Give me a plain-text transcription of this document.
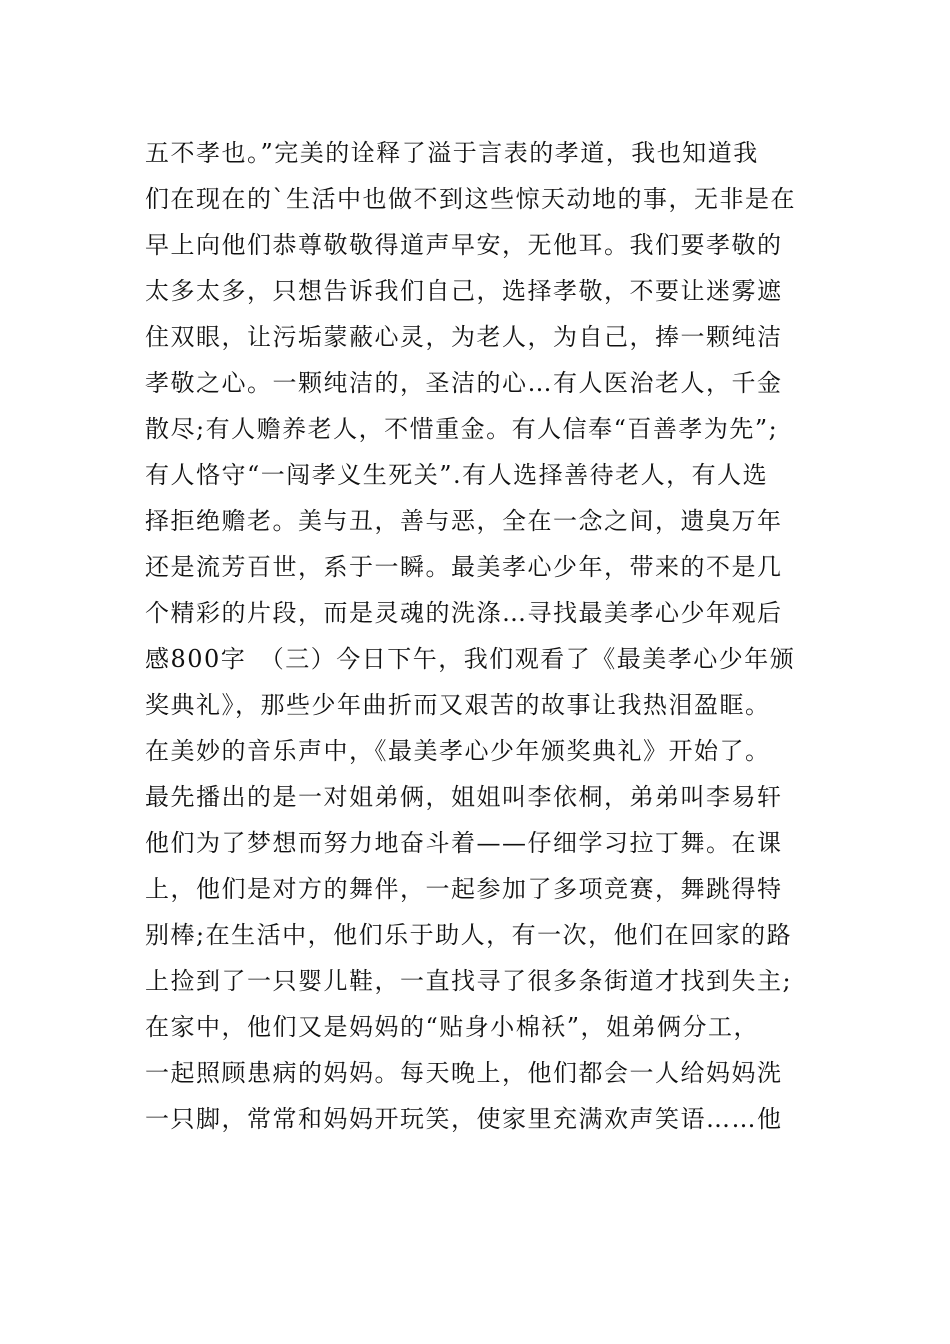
五不孝也。”完美的诠释了溢于言表的孝道，我也知道我
们在现在的`生活中也做不到这些惊天动地的事，无非是在
早上向他们恭尊敬敬得道声早安，无他耳。我们要孝敬的
太多太多，只想告诉我们自己，选择孝敬，不要让迷雾遮
住双眼，让污垢蒙蔽心灵，为老人，为自己，捧一颗纯洁
孝敬之心。一颗纯洁的，圣洁的心…有人医治老人，千金
散尽;有人赡养老人，不惜重金。有人信奉“百善孝为先”;
有人恪守“一闯孝义生死关”.有人选择善待老人，有人选
择拒绝赡老。美与丑，善与恶，全在一念之间，遗臭万年
还是流芳百世，系于一瞬。最美孝心少年，带来的不是几
个精彩的片段，而是灵魂的洗涤…寻找最美孝心少年观后
感800字　（三）今日下午，我们观看了《最美孝心少年颁
奖典礼》，那些少年曲折而又艰苦的故事让我热泪盈眶。
在美妙的音乐声中，《最美孝心少年颁奖典礼》开始了。
最先播出的是一对姐弟俩，姐姐叫李依桐，弟弟叫李易轩
他们为了梦想而努力地奋斗着——仔细学习拉丁舞。在课
上，他们是对方的舞伴，一起参加了多项竞赛，舞跳得特
别棒;在生活中，他们乐于助人，有一次，他们在回家的路
上捡到了一只婴儿鞋，一直找寻了很多条街道才找到失主;
在家中，他们又是妈妈的“贴身小棉袄”，姐弟俩分工，
一起照顾患病的妈妈。每天晚上，他们都会一人给妈妈洗
一只脚，常常和妈妈开玩笑，使家里充满欢声笑语……他
